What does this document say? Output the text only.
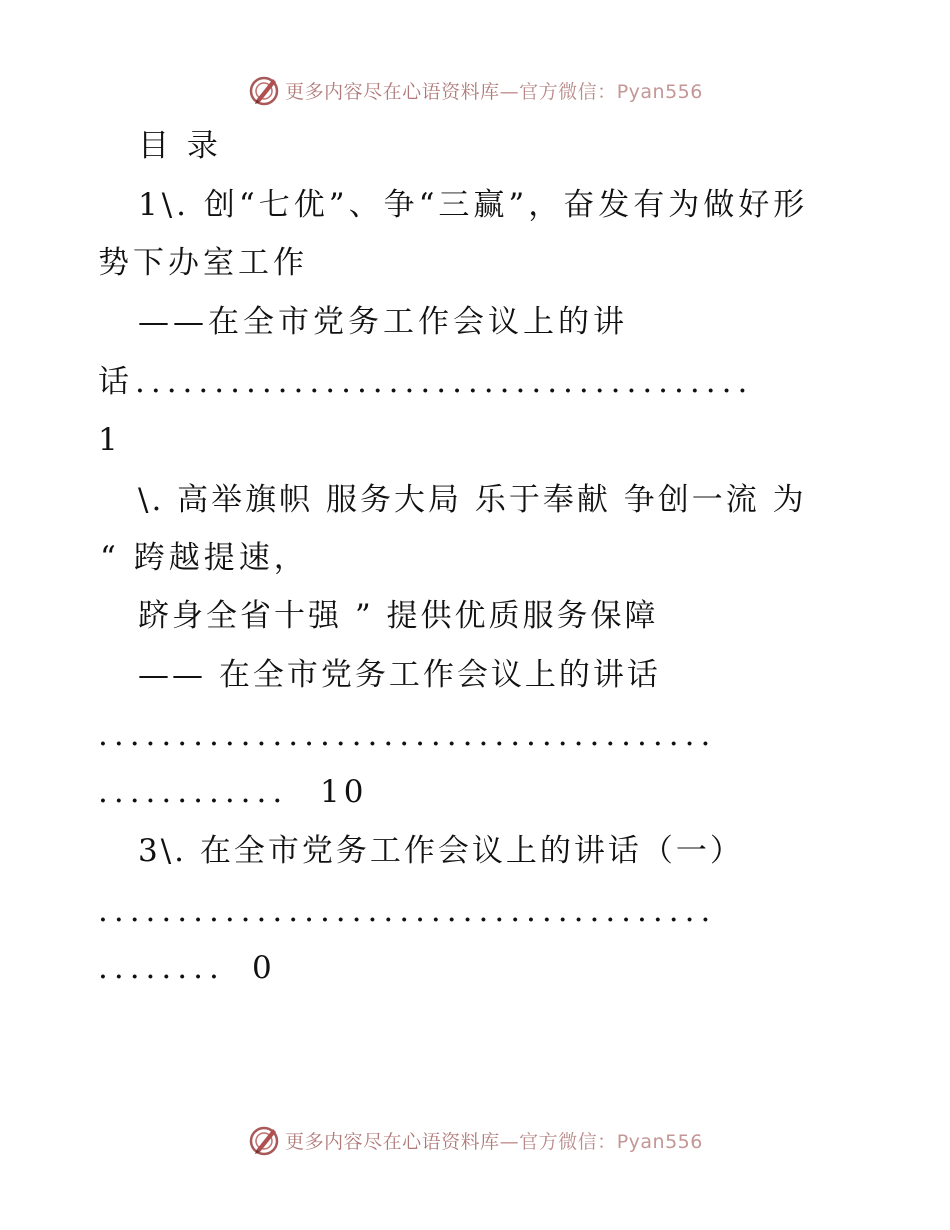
更多内容尽在心语资料库—官方微信：Pyan556
目 录
1\. 创“七优”、争“三赢”，奋发有为做好形
势下办室工作
——在全市党务工作会议上的讲
话.......................................
1
\. 高举旗帜 服务大局 乐于奉献 争创一流 为
“ 跨越提速，
跻身全省十强 ” 提供优质服务保障
—— 在全市党务工作会议上的讲话
.......................................
............	10
3\. 在全市党务工作会议上的讲话（一）
.......................................
........ 0
更多内容尽在心语资料库—官方微信：Pyan556
